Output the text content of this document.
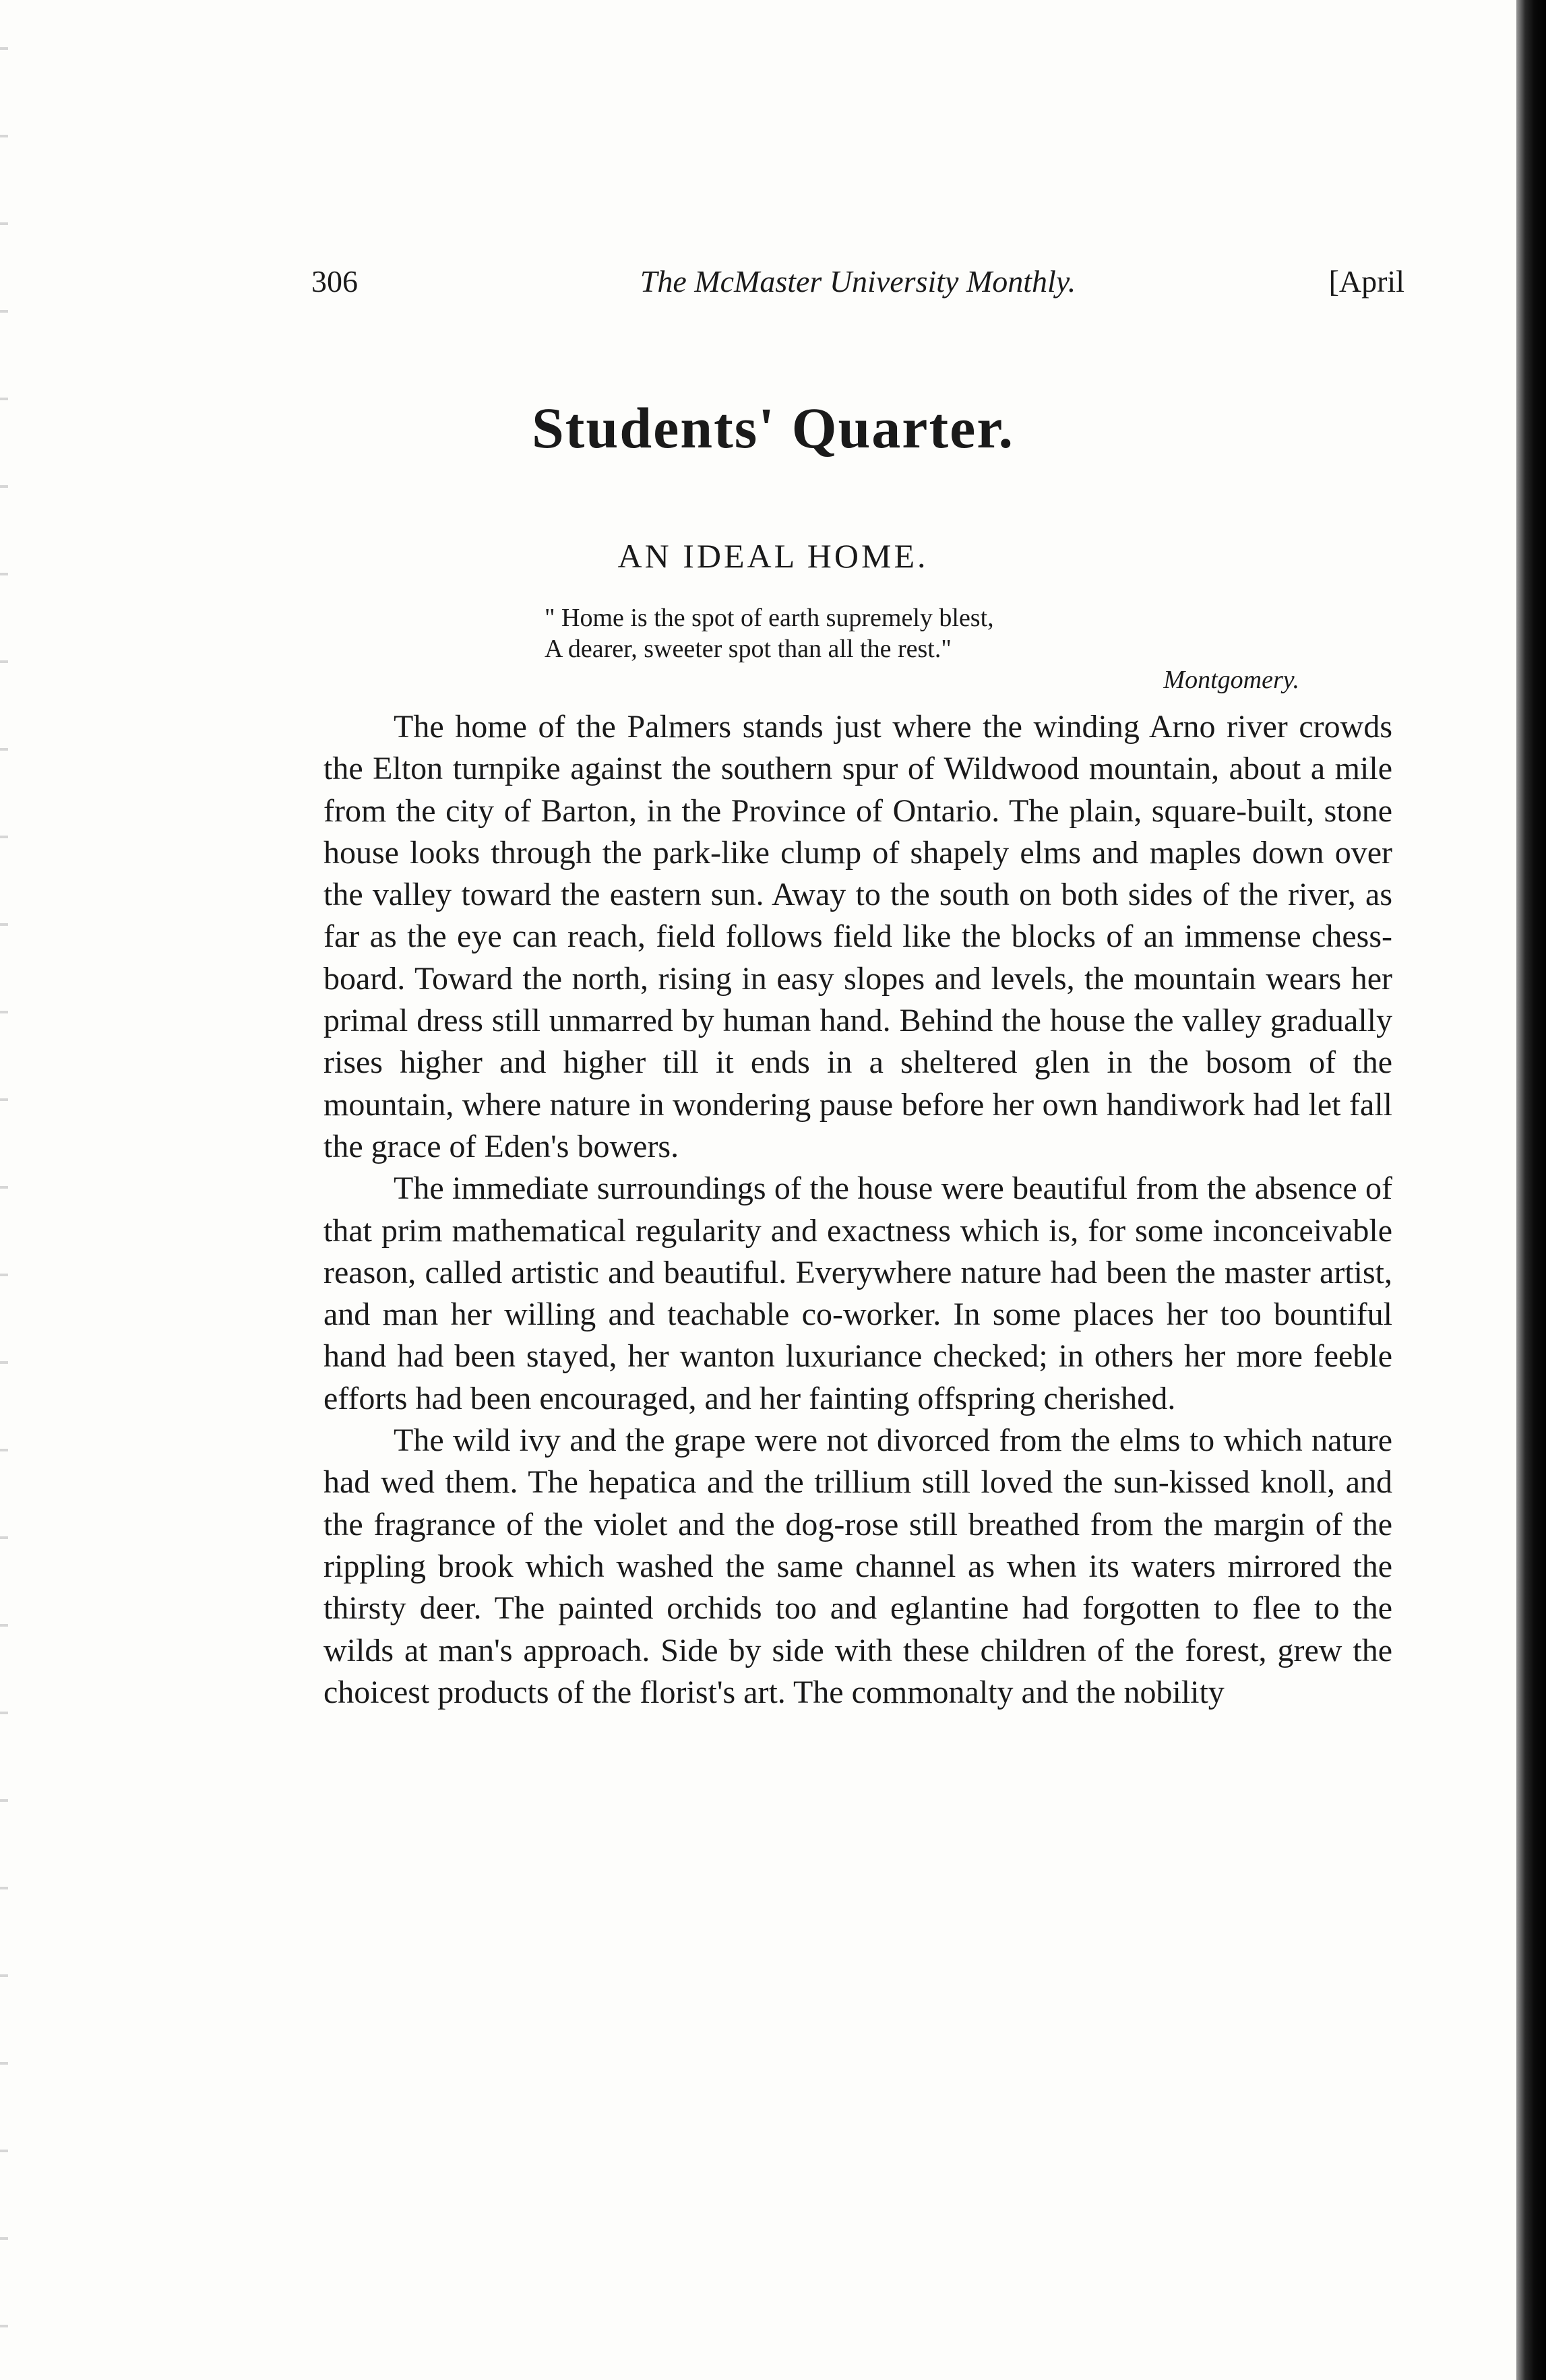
306	The McMaster University Monthly.	[April
Students' Quarter.
AN IDEAL HOME.
" Home is the spot of earth supremely blest,
A dearer, sweeter spot than all the rest."
Montgomery.

The home of the Palmers stands just where the winding Arno river crowds the Elton turnpike against the southern spur of Wildwood mountain, about a mile from the city of Barton, in the Province of Ontario. The plain, square-built, stone house looks through the park-like clump of shapely elms and maples down over the valley toward the eastern sun. Away to the south on both sides of the river, as far as the eye can reach, field follows field like the blocks of an immense chess-board. Toward the north, rising in easy slopes and levels, the mountain wears her primal dress still unmarred by human hand. Behind the house the valley gradually rises higher and higher till it ends in a sheltered glen in the bosom of the mountain, where nature in wondering pause before her own handiwork had let fall the grace of Eden's bowers.

The immediate surroundings of the house were beautiful from the absence of that prim mathematical regularity and exactness which is, for some inconceivable reason, called artistic and beautiful. Everywhere nature had been the master artist, and man her willing and teachable co-worker. In some places her too bountiful hand had been stayed, her wanton luxuriance checked; in others her more feeble efforts had been encouraged, and her fainting offspring cherished.

The wild ivy and the grape were not divorced from the elms to which nature had wed them. The hepatica and the trillium still loved the sun-kissed knoll, and the fragrance of the violet and the dog-rose still breathed from the margin of the rippling brook which washed the same channel as when its waters mirrored the thirsty deer. The painted orchids too and eglantine had forgotten to flee to the wilds at man's approach. Side by side with these children of the forest, grew the choicest products of the florist's art. The commonalty and the nobility
